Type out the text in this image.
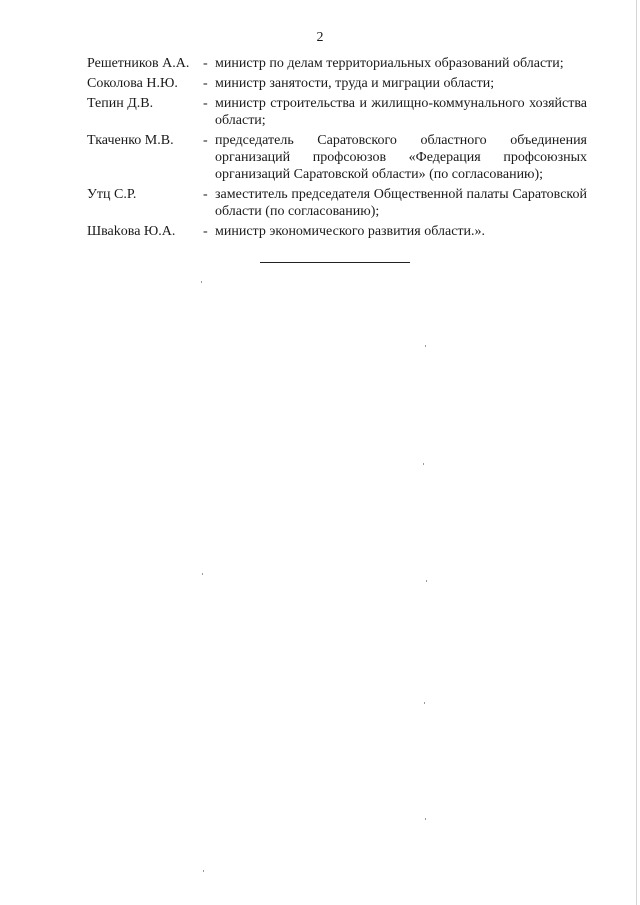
2
Решетников А.А. - министр по делам территориальных образований области;
Соколова Н.Ю.	- министр занятости, труда и миграции области;
Тепин Д.В.	- министр строительства и жилищно-коммунального хозяйства области;
Ткаченко М.В.	- председатель Саратовского областного объединения организаций профсоюзов «Федерация профсоюзных организаций Саратовской области» (по согласованию);
Утц С.Р.	- заместитель председателя Общественной палаты Саратовской области (по согласованию);
Шваkова Ю.А.	- министр экономического развития области.».
